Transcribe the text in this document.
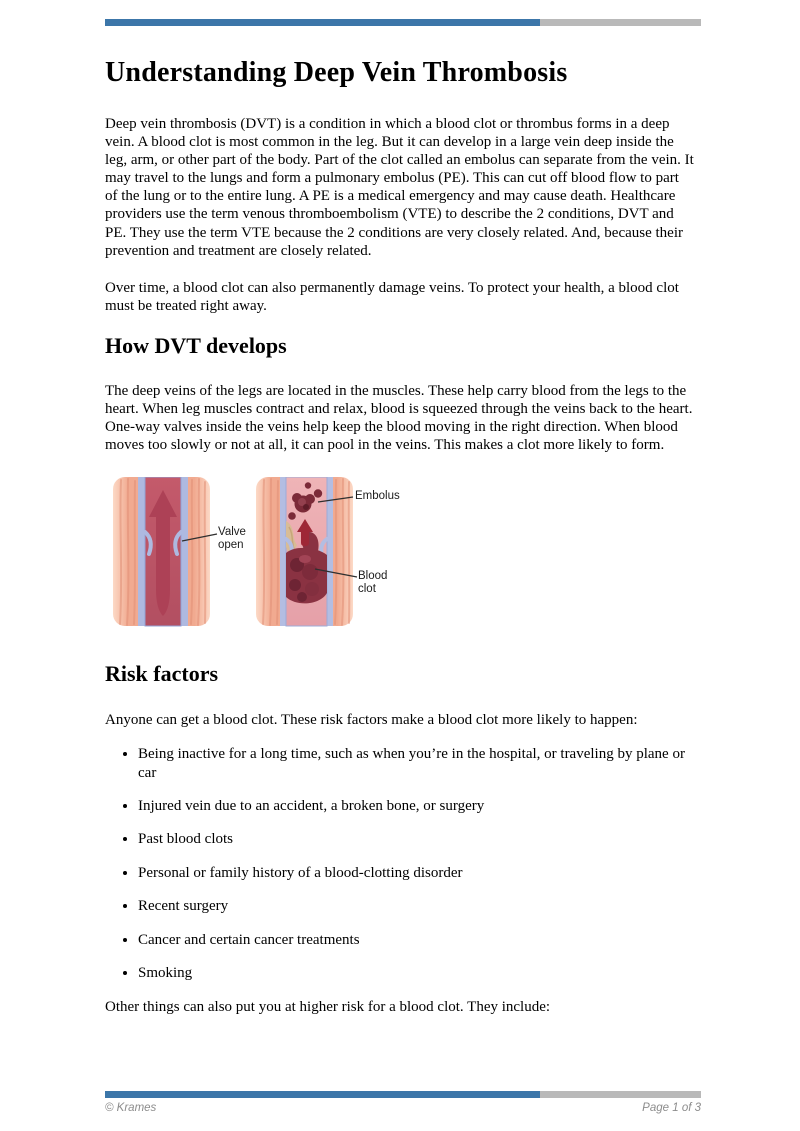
Understanding Deep Vein Thrombosis

Deep vein thrombosis (DVT) is a condition in which a blood clot or thrombus forms in a deep vein. A blood clot is most common in the leg. But it can develop in a large vein deep inside the leg, arm, or other part of the body. Part of the clot called an embolus can separate from the vein. It may travel to the lungs and form a pulmonary embolus (PE). This can cut off blood flow to part of the lung or to the entire lung. A PE is a medical emergency and may cause death. Healthcare providers use the term venous thromboembolism (VTE) to describe the 2 conditions, DVT and PE. They use the term VTE because the 2 conditions are very closely related. And, because their prevention and treatment are closely related.

Over time, a blood clot can also permanently damage veins. To protect your health, a blood clot must be treated right away.

How DVT develops

The deep veins of the legs are located in the muscles. These help carry blood from the legs to the heart. When leg muscles contract and relax, blood is squeezed through the veins back to the heart. One-way valves inside the veins help keep the blood moving in the right direction. When blood moves too slowly or not at all, it can pool in the veins. This makes a clot more likely to form.

Valve open
Embolus
Blood clot
Risk factors

Anyone can get a blood clot. These risk factors make a blood clot more likely to happen:

• Being inactive for a long time, such as when you’re in the hospital, or traveling by plane or car
• Injured vein due to an accident, a broken bone, or surgery
• Past blood clots
• Personal or family history of a blood-clotting disorder
• Recent surgery
• Cancer and certain cancer treatments
• Smoking

Other things can also put you at higher risk for a blood clot. They include:

© Krames	Page 1 of 3
